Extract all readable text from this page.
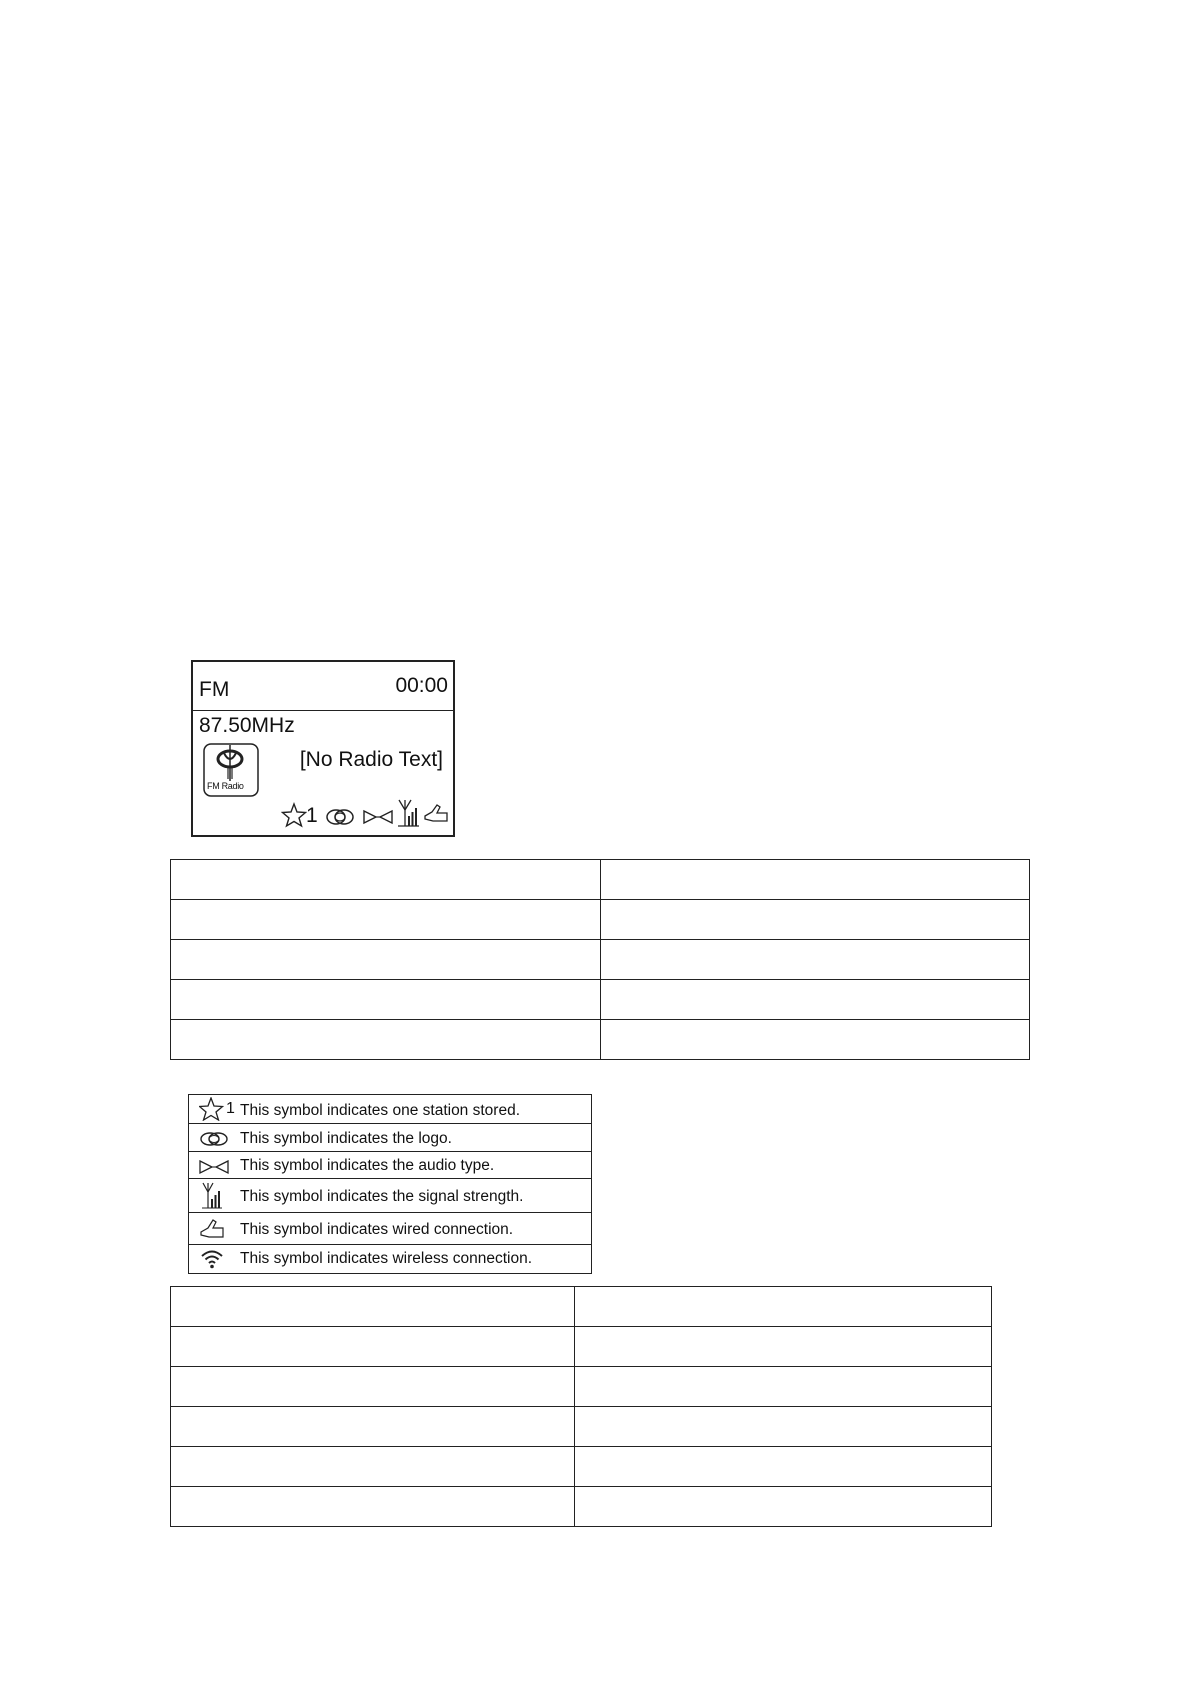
FM	00:00
87.50MHz
FM Radio
[No Radio Text]
1

1 This symbol indicates one station stored.
This symbol indicates the logo.
This symbol indicates the audio type.
This symbol indicates the signal strength.
This symbol indicates wired connection.
This symbol indicates wireless connection.
